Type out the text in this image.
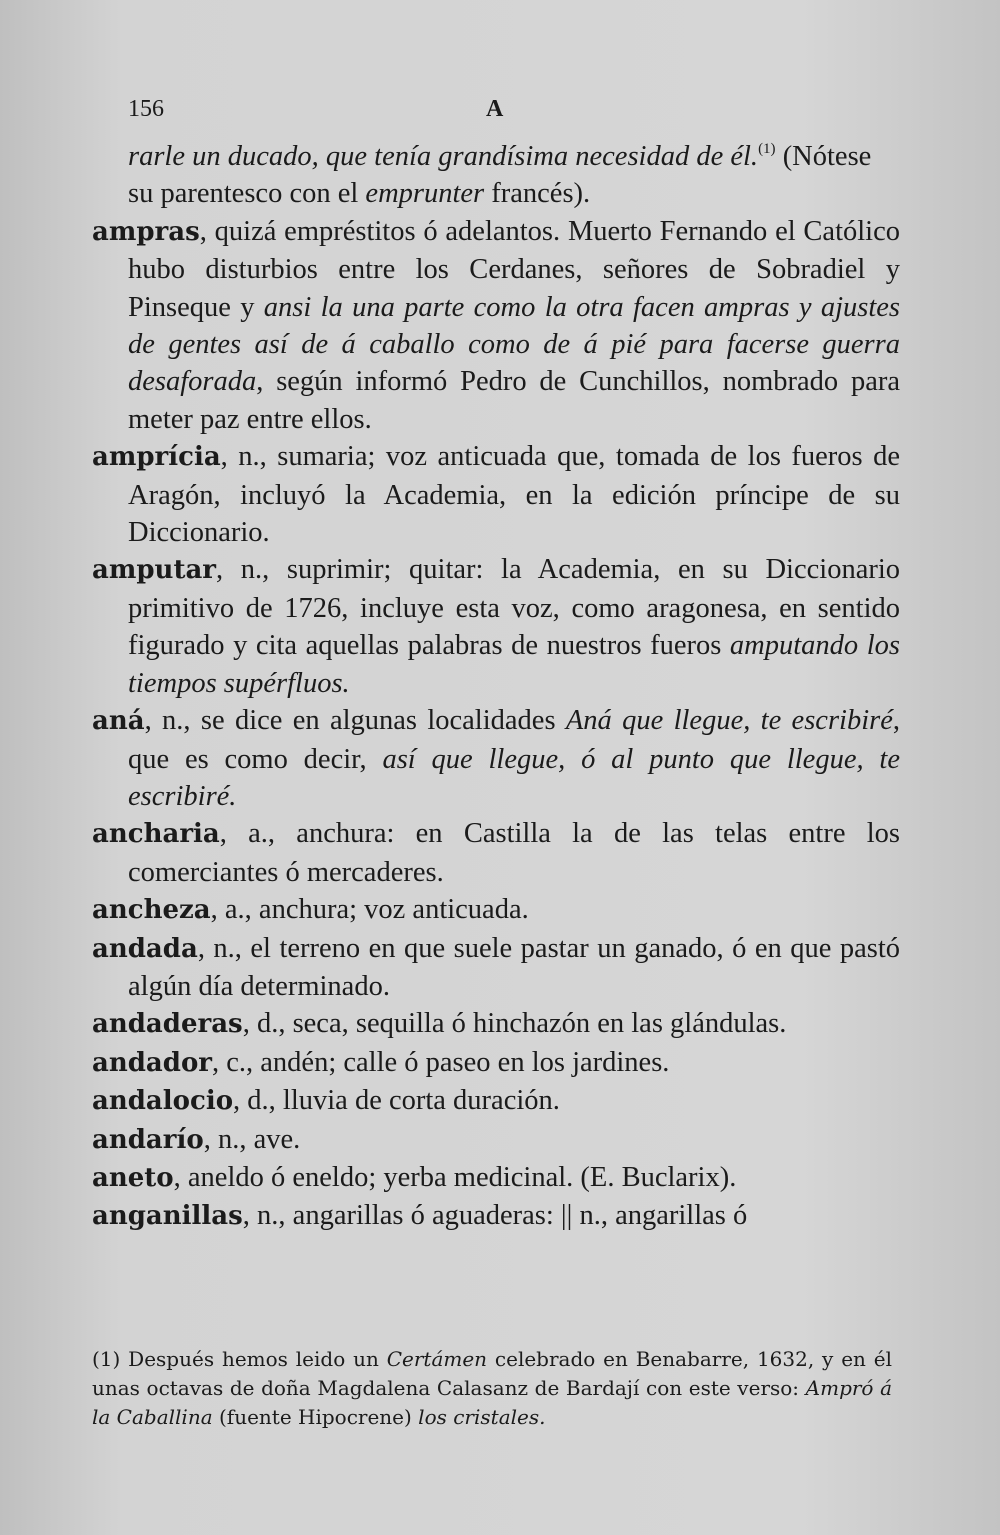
156	A

rarle un ducado, que tenía grandísima necesidad de él.$^{(1)}$ (Nótese su parentesco con el emprunter francés).

ampras, quizá empréstitos ó adelantos. Muerto Fernando el Católico hubo disturbios entre los Cerdanes, señores de Sobradiel y Pinseque y ansi la una parte como la otra facen ampras y ajustes de gentes así de á caballo como de á pié para facerse guerra desaforada, según informó Pedro de Cunchillos, nombrado para meter paz entre ellos.

amprícia, n., sumaria; voz anticuada que, tomada de los fueros de Aragón, incluyó la Academia, en la edición príncipe de su Diccionario.

amputar, n., suprimir; quitar: la Academia, en su Diccionario primitivo de 1726, incluye esta voz, como aragonesa, en sentido figurado y cita aquellas palabras de nuestros fueros amputando los tiempos supérfluos.

aná, n., se dice en algunas localidades Aná que llegue, te escribiré, que es como decir, así que llegue, ó al punto que llegue, te escribiré.

ancharia, a., anchura: en Castilla la de las telas entre los comerciantes ó mercaderes.

ancheza, a., anchura; voz anticuada.

andada, n., el terreno en que suele pastar un ganado, ó en que pastó algún día determinado.

andaderas, d., seca, sequilla ó hinchazón en las glándulas.

andador, c., andén; calle ó paseo en los jardines.

andalocio, d., lluvia de corta duración.

andarío, n., ave.

aneto, aneldo ó eneldo; yerba medicinal. (E. Buclarix).

anganillas, n., angarillas ó aguaderas: || n., angarillas ó

(1) Después hemos leido un Certámen celebrado en Benabarre, 1632, y en él unas octavas de doña Magdalena Calasanz de Bardají con este verso: Ampró á la Caballina (fuente Hipocrene) los cristales.
